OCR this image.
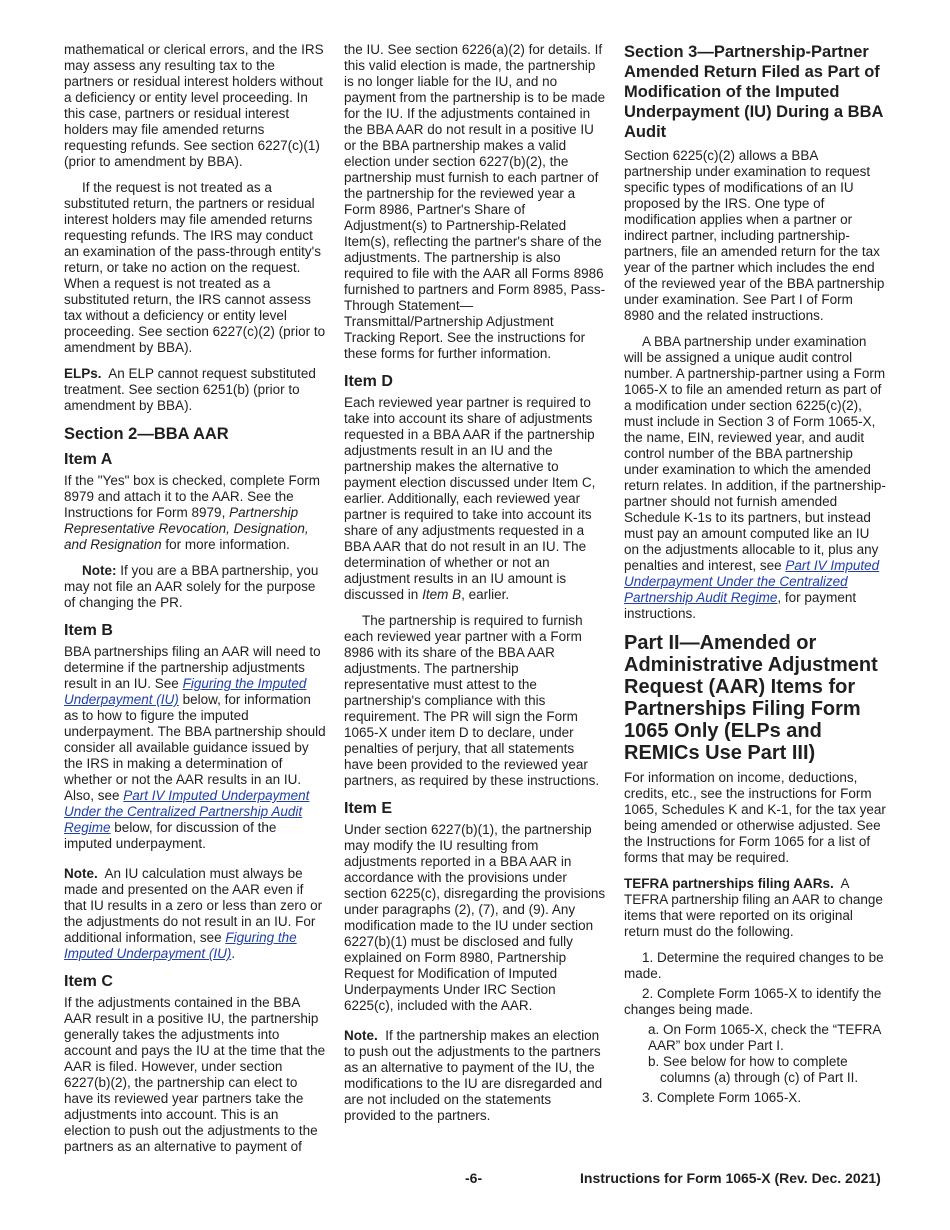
mathematical or clerical errors, and the IRS may assess any resulting tax to the partners or residual interest holders without a deficiency or entity level proceeding. In this case, partners or residual interest holders may file amended returns requesting refunds. See section 6227(c)(1) (prior to amendment by BBA).

If the request is not treated as a substituted return, the partners or residual interest holders may file amended returns requesting refunds. The IRS may conduct an examination of the pass-through entity's return, or take no action on the request. When a request is not treated as a substituted return, the IRS cannot assess tax without a deficiency or entity level proceeding. See section 6227(c)(2) (prior to amendment by BBA).

ELPs. An ELP cannot request substituted treatment. See section 6251(b) (prior to amendment by BBA).

Section 2—BBA AAR
Item A

If the "Yes" box is checked, complete Form 8979 and attach it to the AAR. See the Instructions for Form 8979, Partnership Representative Revocation, Designation, and Resignation for more information.

Note: If you are a BBA partnership, you may not file an AAR solely for the purpose of changing the PR.

Item B

BBA partnerships filing an AAR will need to determine if the partnership adjustments result in an IU. See Figuring the Imputed Underpayment (IU) below, for information as to how to figure the imputed underpayment. The BBA partnership should consider all available guidance issued by the IRS in making a determination of whether or not the AAR results in an IU. Also, see Part IV Imputed Underpayment Under the Centralized Partnership Audit Regime below, for discussion of the imputed underpayment.

Note. An IU calculation must always be made and presented on the AAR even if that IU results in a zero or less than zero or the adjustments do not result in an IU. For additional information, see Figuring the Imputed Underpayment (IU).

Item C

If the adjustments contained in the BBA AAR result in a positive IU, the partnership generally takes the adjustments into account and pays the IU at the time that the AAR is filed. However, under section 6227(b)(2), the partnership can elect to have its reviewed year partners take the adjustments into account. This is an election to push out the adjustments to the partners as an alternative to payment of

the IU. See section 6226(a)(2) for details. If this valid election is made, the partnership is no longer liable for the IU, and no payment from the partnership is to be made for the IU. If the adjustments contained in the BBA AAR do not result in a positive IU or the BBA partnership makes a valid election under section 6227(b)(2), the partnership must furnish to each partner of the partnership for the reviewed year a Form 8986, Partner's Share of Adjustment(s) to Partnership-Related Item(s), reflecting the partner's share of the adjustments. The partnership is also required to file with the AAR all Forms 8986 furnished to partners and Form 8985, Pass-Through Statement—Transmittal/Partnership Adjustment Tracking Report. See the instructions for these forms for further information.

Item D

Each reviewed year partner is required to take into account its share of adjustments requested in a BBA AAR if the partnership adjustments result in an IU and the partnership makes the alternative to payment election discussed under Item C, earlier. Additionally, each reviewed year partner is required to take into account its share of any adjustments requested in a BBA AAR that do not result in an IU. The determination of whether or not an adjustment results in an IU amount is discussed in Item B, earlier.

The partnership is required to furnish each reviewed year partner with a Form 8986 with its share of the BBA AAR adjustments. The partnership representative must attest to the partnership's compliance with this requirement. The PR will sign the Form 1065-X under item D to declare, under penalties of perjury, that all statements have been provided to the reviewed year partners, as required by these instructions.

Item E

Under section 6227(b)(1), the partnership may modify the IU resulting from adjustments reported in a BBA AAR in accordance with the provisions under section 6225(c), disregarding the provisions under paragraphs (2), (7), and (9). Any modification made to the IU under section 6227(b)(1) must be disclosed and fully explained on Form 8980, Partnership Request for Modification of Imputed Underpayments Under IRC Section 6225(c), included with the AAR.

Note. If the partnership makes an election to push out the adjustments to the partners as an alternative to payment of the IU, the modifications to the IU are disregarded and are not included on the statements provided to the partners.

Section 3—Partnership-Partner Amended Return Filed as Part of Modification of the Imputed Underpayment (IU) During a BBA Audit

Section 6225(c)(2) allows a BBA partnership under examination to request specific types of modifications of an IU proposed by the IRS. One type of modification applies when a partner or indirect partner, including partnership-partners, file an amended return for the tax year of the partner which includes the end of the reviewed year of the BBA partnership under examination. See Part I of Form 8980 and the related instructions.

A BBA partnership under examination will be assigned a unique audit control number. A partnership-partner using a Form 1065-X to file an amended return as part of a modification under section 6225(c)(2), must include in Section 3 of Form 1065-X, the name, EIN, reviewed year, and audit control number of the BBA partnership under examination to which the amended return relates. In addition, if the partnership-partner should not furnish amended Schedule K-1s to its partners, but instead must pay an amount computed like an IU on the adjustments allocable to it, plus any penalties and interest, see Part IV Imputed Underpayment Under the Centralized Partnership Audit Regime, for payment instructions.

Part II—Amended or Administrative Adjustment Request (AAR) Items for Partnerships Filing Form 1065 Only (ELPs and REMICs Use Part III)

For information on income, deductions, credits, etc., see the instructions for Form 1065, Schedules K and K-1, for the tax year being amended or otherwise adjusted. See the Instructions for Form 1065 for a list of forms that may be required.

TEFRA partnerships filing AARs. A TEFRA partnership filing an AAR to change items that were reported on its original return must do the following.

1. Determine the required changes to be made.

2. Complete Form 1065-X to identify the changes being made.

a. On Form 1065-X, check the “TEFRA AAR” box under Part I.
b. See below for how to complete columns (a) through (c) of Part II.

3. Complete Form 1065-X.

-6-	Instructions for Form 1065-X (Rev. Dec. 2021)
